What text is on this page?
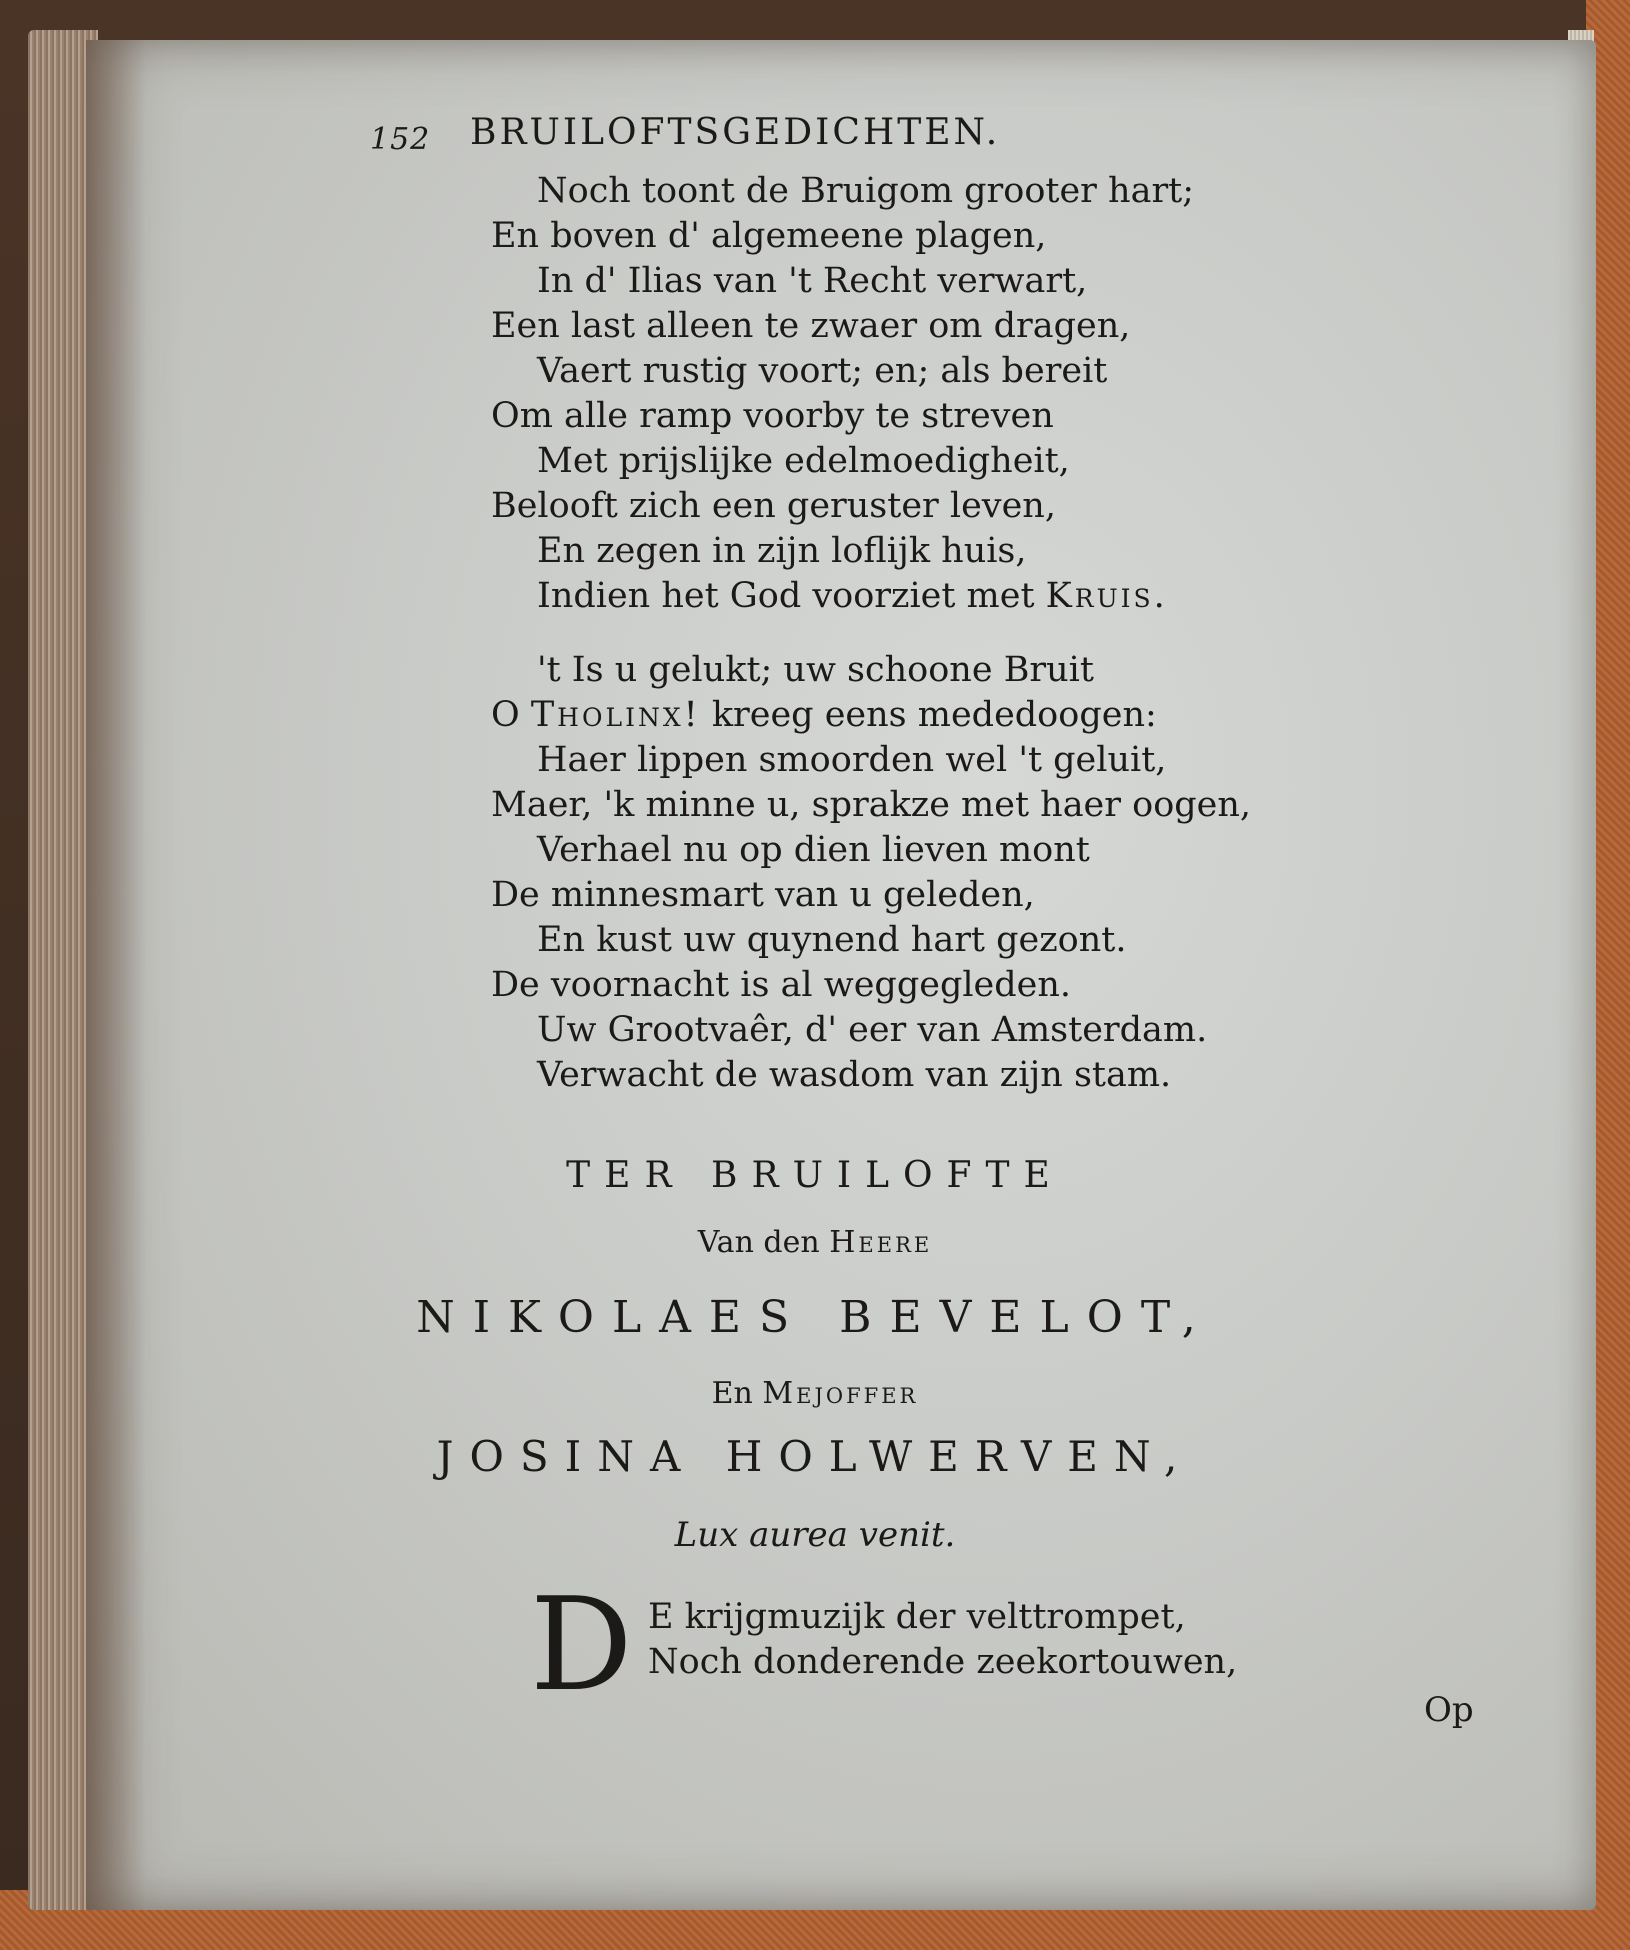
152 BRUILOFTSGEDICHTEN.
Noch toont de Bruigom grooter hart;
En boven d' algemeene plagen,
In d' Ilias van 't Recht verwart,
Een last alleen te zwaer om dragen,
Vaert rustig voort; en; als bereit
Om alle ramp voorby te streven
Met prijslijke edelmoedigheit,
Belooft zich een geruster leven,
En zegen in zijn loflijk huis,
Indien het God voorziet met Kruis.
't Is u gelukt; uw schoone Bruit
O Tholinx! kreeg eens mededoogen:
Haer lippen smoorden wel 't geluit,
Maer, 'k minne u, sprakze met haer oogen,
Verhael nu op dien lieven mont
De minnesmart van u geleden,
En kust uw quynend hart gezont.
De voornacht is al weggegleden.
Uw Grootvaêr, d' eer van Amsterdam.
Verwacht de wasdom van zijn stam.
TER BRUILOFTE
Van den Heere
NIKOLAES BEVELOT,
En Mejoffer
JOSINA HOLWERVEN,
Lux aurea venit.
D E krijgmuzijk der velttrompet,
Noch donderende zeekortouwen,
Op
